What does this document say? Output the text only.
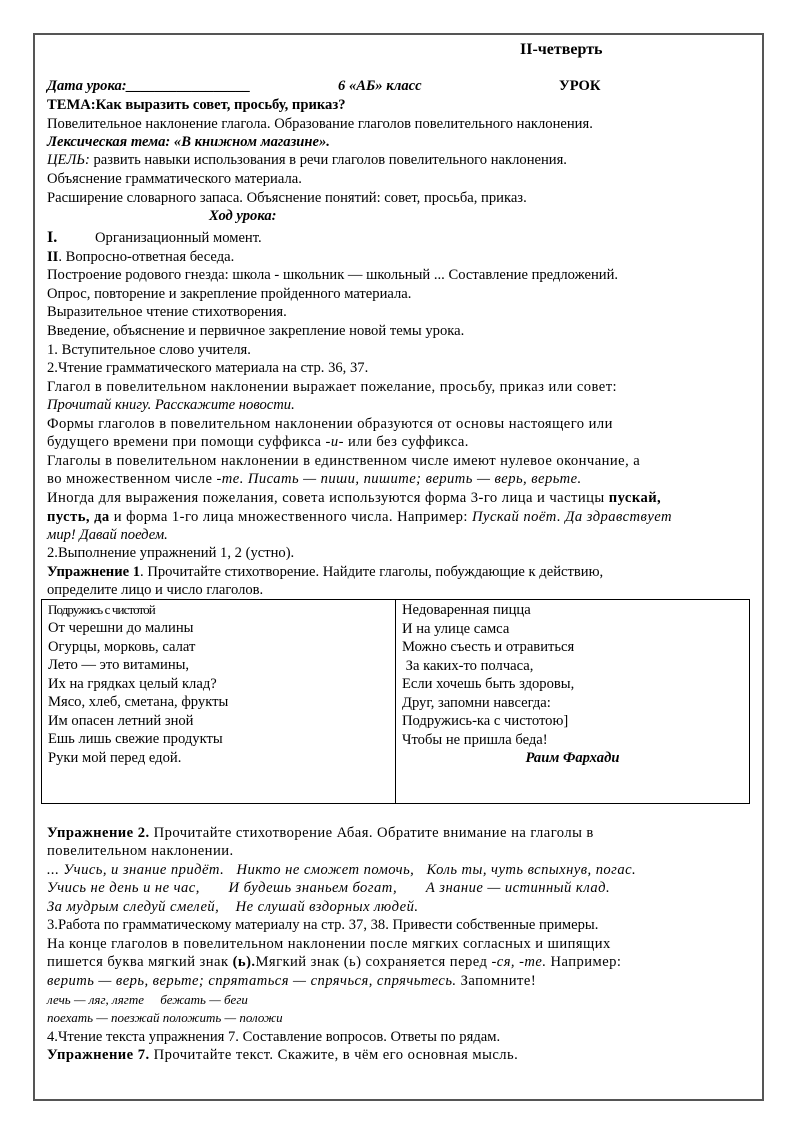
II-четверть
Дата урока:_________________	6 «АБ» класс	УРОК
ТЕМА:Как выразить совет, просьбу, приказ?
Повелительное наклонение глагола. Образование глаголов повелительного наклонения.
Лексическая тема: «В книжном магазине».
ЦЕЛЬ: развить навыки использования в речи глаголов повелительного наклонения.
Объяснение грамматического материала.
Расширение словарного запаса. Объяснение понятий: совет, просьба, приказ.
Ход урока:
I.	Организационный момент.
II. Вопросно-ответная беседа.
Построение родового гнезда: школа - школьник — школьный ... Составление предложений.
Опрос, повторение и закрепление пройденного материала.
Выразительное чтение стихотворения.
Введение, объяснение и первичное закрепление новой темы урока.
1. Вступительное слово учителя.
2.Чтение грамматического материала на стр. 36, 37.
Глагол в повелительном наклонении выражает пожелание, просьбу, приказ или совет:
Прочитай книгу. Расскажите новости.
Формы глаголов в повелительном наклонении образуются от основы настоящего или
будущего времени при помощи суффикса -и- или без суффикса.
Глаголы в повелительном наклонении в единственном числе имеют нулевое окончание, а
во множественном числе -те. Писать — пиши, пишите; верить — верь, верьте.
Иногда для выражения пожелания, совета используются форма 3-го лица и частицы пускай,
пусть, да и форма 1-го лица множественного числа. Например: Пускай поёт. Да здравствует
мир! Давай поедем.
2.Выполнение упражнений 1, 2 (устно).
Упражнение 1. Прочитайте стихотворение. Найдите глаголы, побуждающие к действию,
определите лицо и число глаголов.
Подружись с чистотой
От черешни до малины
Огурцы, морковь, салат
Лето — это витамины,
Их на грядках целый клад?
Мясо, хлеб, сметана, фрукты
Им опасен летний зной
Ешь лишь свежие продукты
Руки мой перед едой.

Недоваренная пицца
И на улице самса
Можно съесть и отравиться
За каких-то полчаса,
Если хочешь быть здоровы,
Друг, запомни навсегда:
Подружись-ка с чистотою]
Чтобы не пришла беда!
Раим Фархади
Упражнение 2. Прочитайте стихотворение Абая. Обратите внимание на глаголы в
повелительном наклонении.
... Учись, и знание придёт.   Никто не сможет помочь,   Коль ты, чуть вспыхнув, погас.
Учись не день и не час,       И будешь знаньем богат,       А знание — истинный клад.
За мудрым следуй смелей,    Не слушай вздорных людей.
3.Работа по грамматическому материалу на стр. 37, 38. Привести собственные примеры.
На конце глаголов в повелительном наклонении после мягких согласных и шипящих
пишется буква мягкий знак (ь).Мягкий знак (ь) сохраняется перед -ся, -те. Например:
верить — верь, верьте; спрятаться — спрячься, спрячьтесь. Запомните!
лечь — ляг, лягте     бежать — беги
поехать — поезжай положить — положи
4.Чтение текста упражнения 7. Составление вопросов. Ответы по рядам.
Упражнение 7. Прочитайте текст. Скажите, в чём его основная мысль.
